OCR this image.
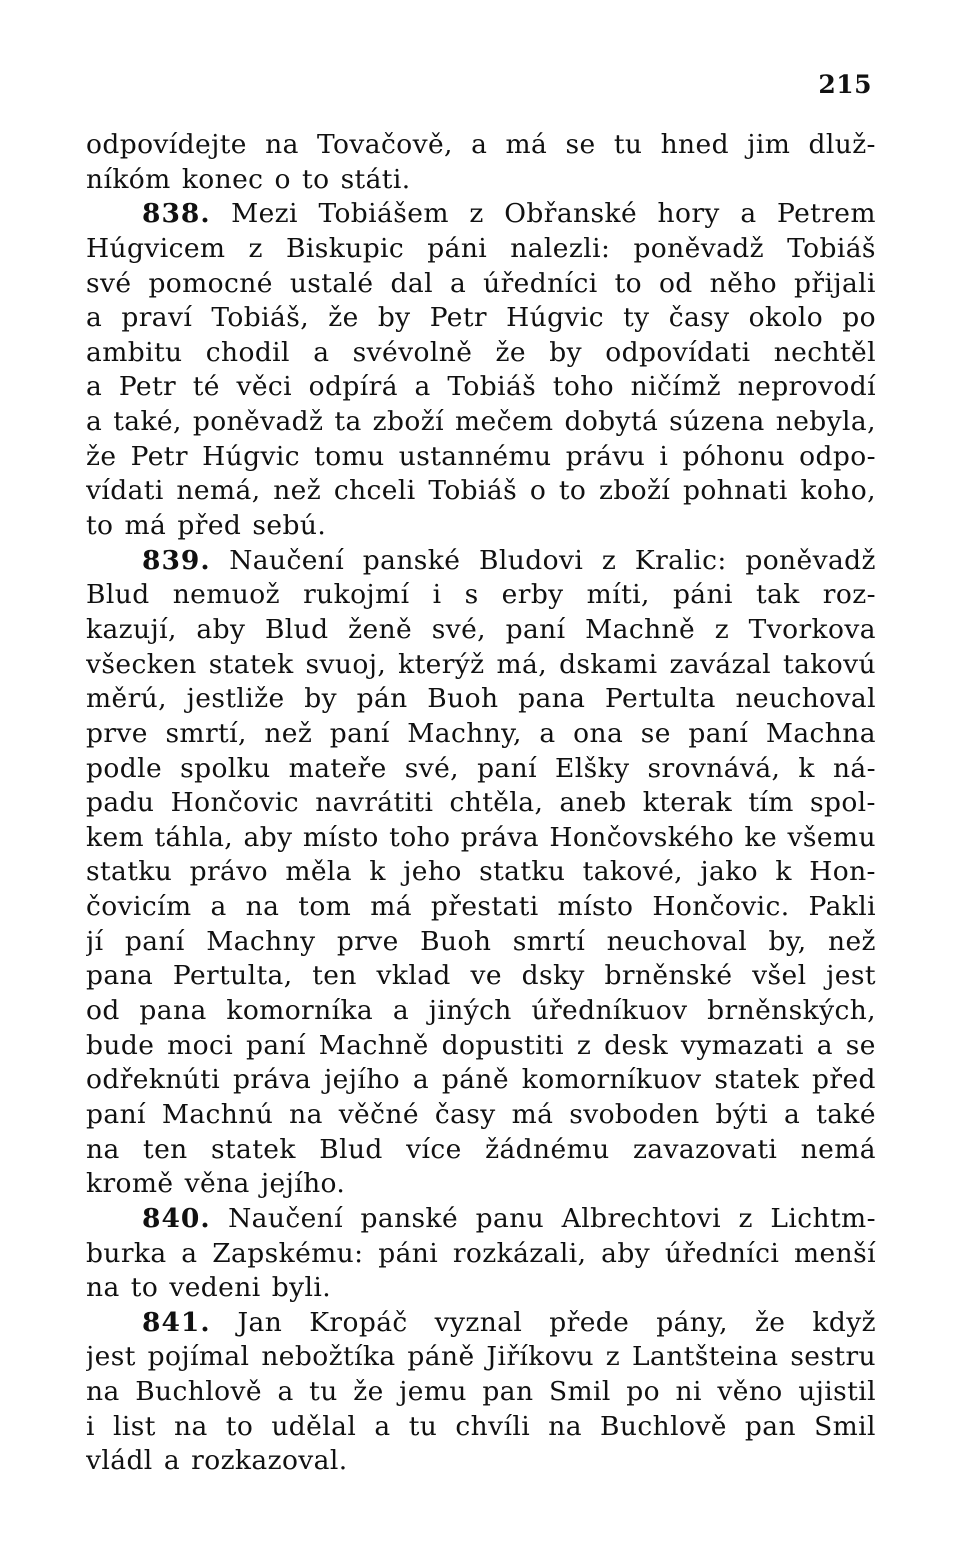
215
odpovídejte na Tovačově, a má se tu hned jim dluž-
níkóm konec o to státi.
838. Mezi Tobiášem z Obřanské hory a Petrem
Húgvicem z Biskupic páni nalezli: poněvadž Tobiáš
své pomocné ustalé dal a úředníci to od něho přijali
a praví Tobiáš, že by Petr Húgvic ty časy okolo po
ambitu chodil a svévolně že by odpovídati nechtěl
a Petr té věci odpírá a Tobiáš toho ničímž neprovodí
a také, poněvadž ta zboží mečem dobytá súzena nebyla,
že Petr Húgvic tomu ustannému právu i póhonu odpo-
vídati nemá, než chceli Tobiáš o to zboží pohnati koho,
to má před sebú.
839. Naučení panské Bludovi z Kralic: poněvadž
Blud nemuož rukojmí i s erby míti, páni tak roz-
kazují, aby Blud ženě své, paní Machně z Tvorkova
všecken statek svuoj, kterýž má, dskami zavázal takovú
měrú, jestliže by pán Buoh pana Pertulta neuchoval
prve smrtí, než paní Machny, a ona se paní Machna
podle spolku mateře své, paní Elšky srovnává, k ná-
padu Hončovic navrátiti chtěla, aneb kterak tím spol-
kem táhla, aby místo toho práva Hončovského ke všemu
statku právo měla k jeho statku takové, jako k Hon-
čovicím a na tom má přestati místo Hončovic. Pakli
jí paní Machny prve Buoh smrtí neuchoval by, než
pana Pertulta, ten vklad ve dsky brněnské všel jest
od pana komorníka a jiných úředníkuov brněnských,
bude moci paní Machně dopustiti z desk vymazati a se
odřeknúti práva jejího a páně komorníkuov statek před
paní Machnú na věčné časy má svoboden býti a také
na ten statek Blud více žádnému zavazovati nemá
kromě věna jejího.
840. Naučení panské panu Albrechtovi z Lichtm-
burka a Zapskému: páni rozkázali, aby úředníci menší
na to vedeni byli.
841. Jan Kropáč vyznal přede pány, že když
jest pojímal nebožtíka páně Jiříkovu z Lantšteina sestru
na Buchlově a tu že jemu pan Smil po ni věno ujistil
i list na to udělal a tu chvíli na Buchlově pan Smil
vládl a rozkazoval.
